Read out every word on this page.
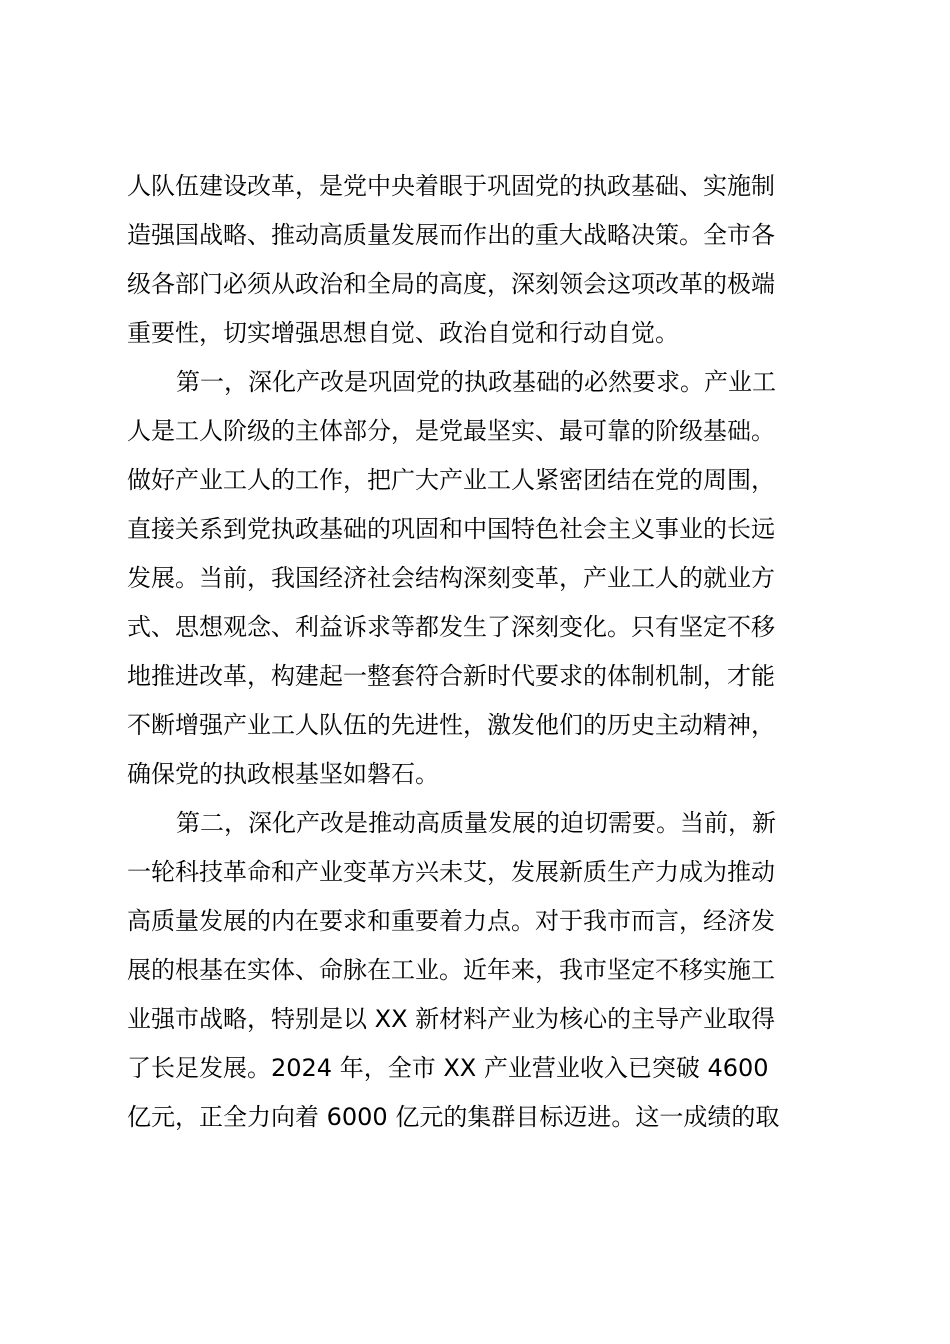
人队伍建设改革，是党中央着眼于巩固党的执政基础、实施制
造强国战略、推动高质量发展而作出的重大战略决策。全市各
级各部门必须从政治和全局的高度，深刻领会这项改革的极端
重要性，切实增强思想自觉、政治自觉和行动自觉。
第一，深化产改是巩固党的执政基础的必然要求。产业工
人是工人阶级的主体部分，是党最坚实、最可靠的阶级基础。
做好产业工人的工作，把广大产业工人紧密团结在党的周围，
直接关系到党执政基础的巩固和中国特色社会主义事业的长远
发展。当前，我国经济社会结构深刻变革，产业工人的就业方
式、思想观念、利益诉求等都发生了深刻变化。只有坚定不移
地推进改革，构建起一整套符合新时代要求的体制机制，才能
不断增强产业工人队伍的先进性，激发他们的历史主动精神，
确保党的执政根基坚如磐石。
第二，深化产改是推动高质量发展的迫切需要。当前，新
一轮科技革命和产业变革方兴未艾，发展新质生产力成为推动
高质量发展的内在要求和重要着力点。对于我市而言，经济发
展的根基在实体、命脉在工业。近年来，我市坚定不移实施工
业强市战略，特别是以 XX 新材料产业为核心的主导产业取得
了长足发展。2024 年，全市 XX 产业营业收入已突破 4600
亿元，正全力向着 6000 亿元的集群目标迈进。这一成绩的取
